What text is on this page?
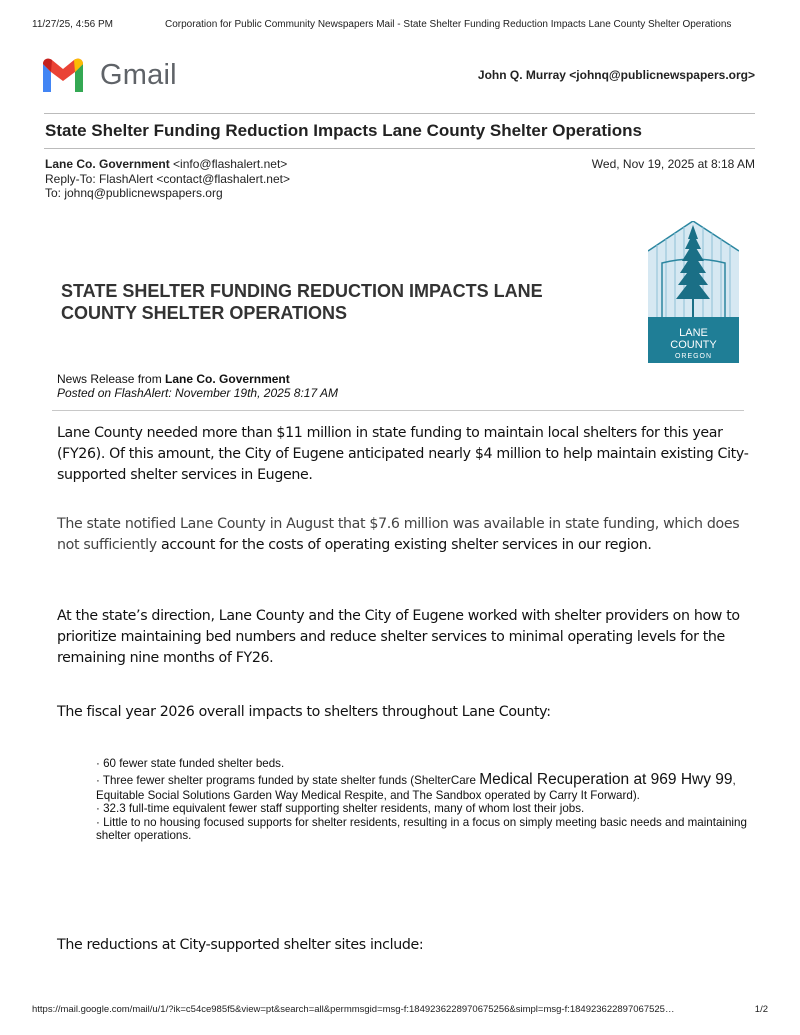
11/27/25, 4:56 PM	Corporation for Public Community Newspapers Mail - State Shelter Funding Reduction Impacts Lane County Shelter Operations
Gmail	John Q. Murray <johnq@publicnewspapers.org>
State Shelter Funding Reduction Impacts Lane County Shelter Operations
Lane Co. Government <info@flashalert.net>
Reply-To: FlashAlert <contact@flashalert.net>
To: johnq@publicnewspapers.org
Wed, Nov 19, 2025 at 8:18 AM
STATE SHELTER FUNDING REDUCTION IMPACTS LANE COUNTY SHELTER OPERATIONS
LANE
COUNTY
OREGON
News Release from Lane Co. Government
Posted on FlashAlert: November 19th, 2025 8:17 AM
Lane County needed more than $11 million in state funding to maintain local shelters for this year (FY26). Of this amount, the City of Eugene anticipated nearly $4 million to help maintain existing City-supported shelter services in Eugene.
The state notified Lane County in August that $7.6 million was available in state funding, which does not sufficiently account for the costs of operating existing shelter services in our region.
At the state’s direction, Lane County and the City of Eugene worked with shelter providers on how to prioritize maintaining bed numbers and reduce shelter services to minimal operating levels for the remaining nine months of FY26.
The fiscal year 2026 overall impacts to shelters throughout Lane County:
· 60 fewer state funded shelter beds.
· Three fewer shelter programs funded by state shelter funds (ShelterCare Medical Recuperation at 969 Hwy 99, Equitable Social Solutions Garden Way Medical Respite, and The Sandbox operated by Carry It Forward).
· 32.3 full-time equivalent fewer staff supporting shelter residents, many of whom lost their jobs.
· Little to no housing focused supports for shelter residents, resulting in a focus on simply meeting basic needs and maintaining shelter operations.
The reductions at City-supported shelter sites include:
https://mail.google.com/mail/u/1/?ik=c54ce985f5&view=pt&search=all&permmsgid=msg-f:1849236228970675256&simpl=msg-f:184923622897067525…	1/2
